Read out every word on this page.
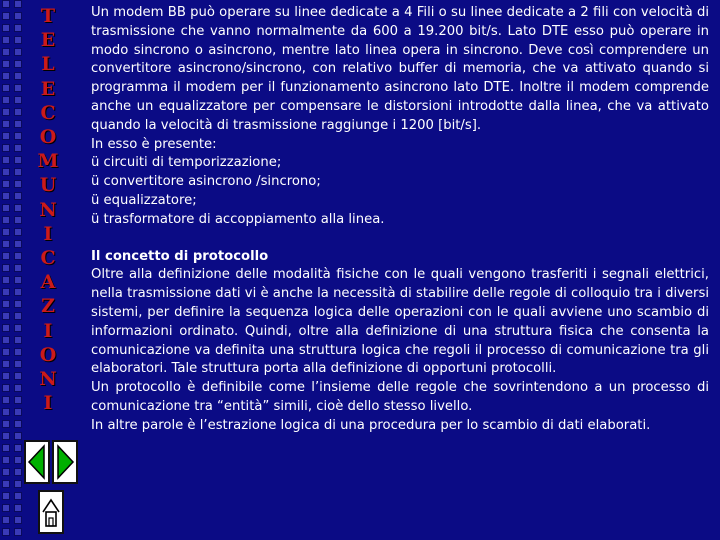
T
E
L
E
C
O
M
U
N
I
C
A
Z
I
O
N
I

Un modem BB può operare su linee dedicate a 4 Fili o su linee dedicate a 2 fili con velocità di trasmissione che vanno normalmente da 600 a 19.200 bit/s. Lato DTE esso può operare in modo sincrono o asincrono, mentre lato linea opera in sincrono. Deve così comprendere un convertitore asincrono/sincrono, con relativo buffer di memoria, che va attivato quando si programma il modem per il funzionamento asincrono lato DTE. Inoltre il modem comprende anche un equalizzatore per compensare le distorsioni introdotte dalla linea, che va attivato quando la velocità di trasmissione raggiunge i 1200 [bit/s].

In esso è presente:

ü circuiti di temporizzazione;

ü convertitore asincrono /sincrono;

ü equalizzatore;

ü trasformatore di accoppiamento alla linea.

Il concetto di protocollo

Oltre alla definizione delle modalità fisiche con le quali vengono trasferiti i segnali elettrici, nella trasmissione dati vi è anche la necessità di stabilire delle regole di colloquio tra i diversi sistemi, per definire la sequenza logica delle operazioni con le quali avviene uno scambio di informazioni ordinato. Quindi, oltre alla definizione di una struttura fisica che consenta la comunicazione va definita una struttura logica che regoli il processo di comunicazione tra gli elaboratori. Tale struttura porta alla definizione di opportuni protocolli.

Un protocollo è definibile come l’insieme delle regole che sovrintendono a un processo di comunicazione tra “entità” simili, cioè dello stesso livello.

In altre parole è l’estrazione logica di una procedura per lo scambio di dati elaborati.
